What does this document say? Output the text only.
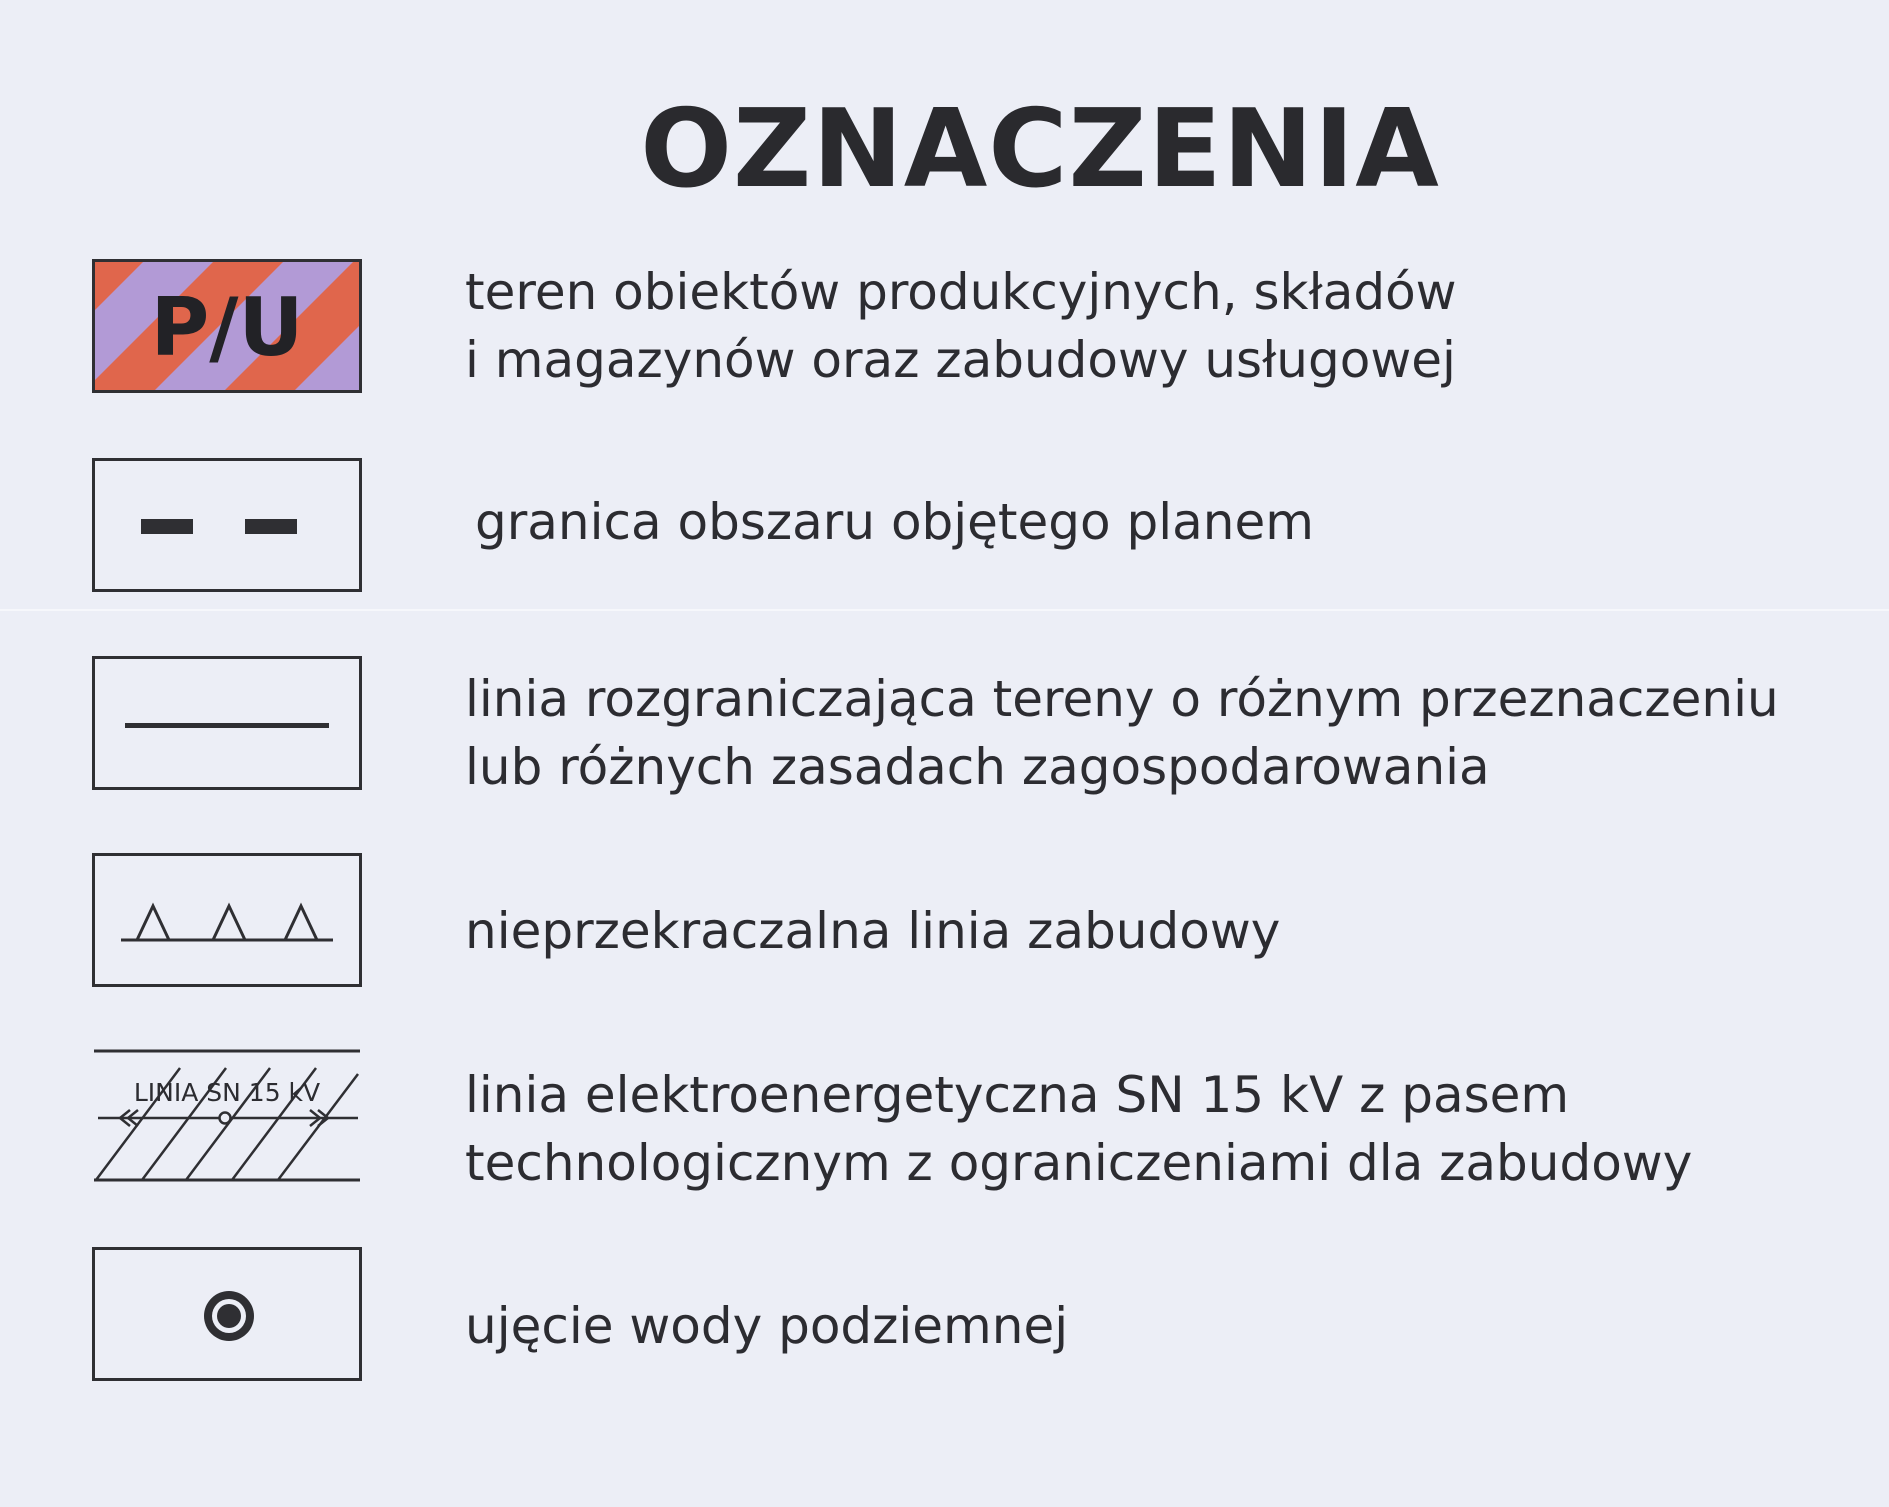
OZNACZENIA
P/U	teren obiektów produkcyjnych, składów
i magazynów oraz zabudowy usługowej
granica obszaru objętego planem
linia rozgraniczająca tereny o różnym przeznaczeniu
lub różnych zasadach zagospodarowania
nieprzekraczalna linia zabudowy
LINIA SN 15 kV	linia elektroenergetyczna SN 15 kV z pasem
technologicznym z ograniczeniami dla zabudowy
ujęcie wody podziemnej
